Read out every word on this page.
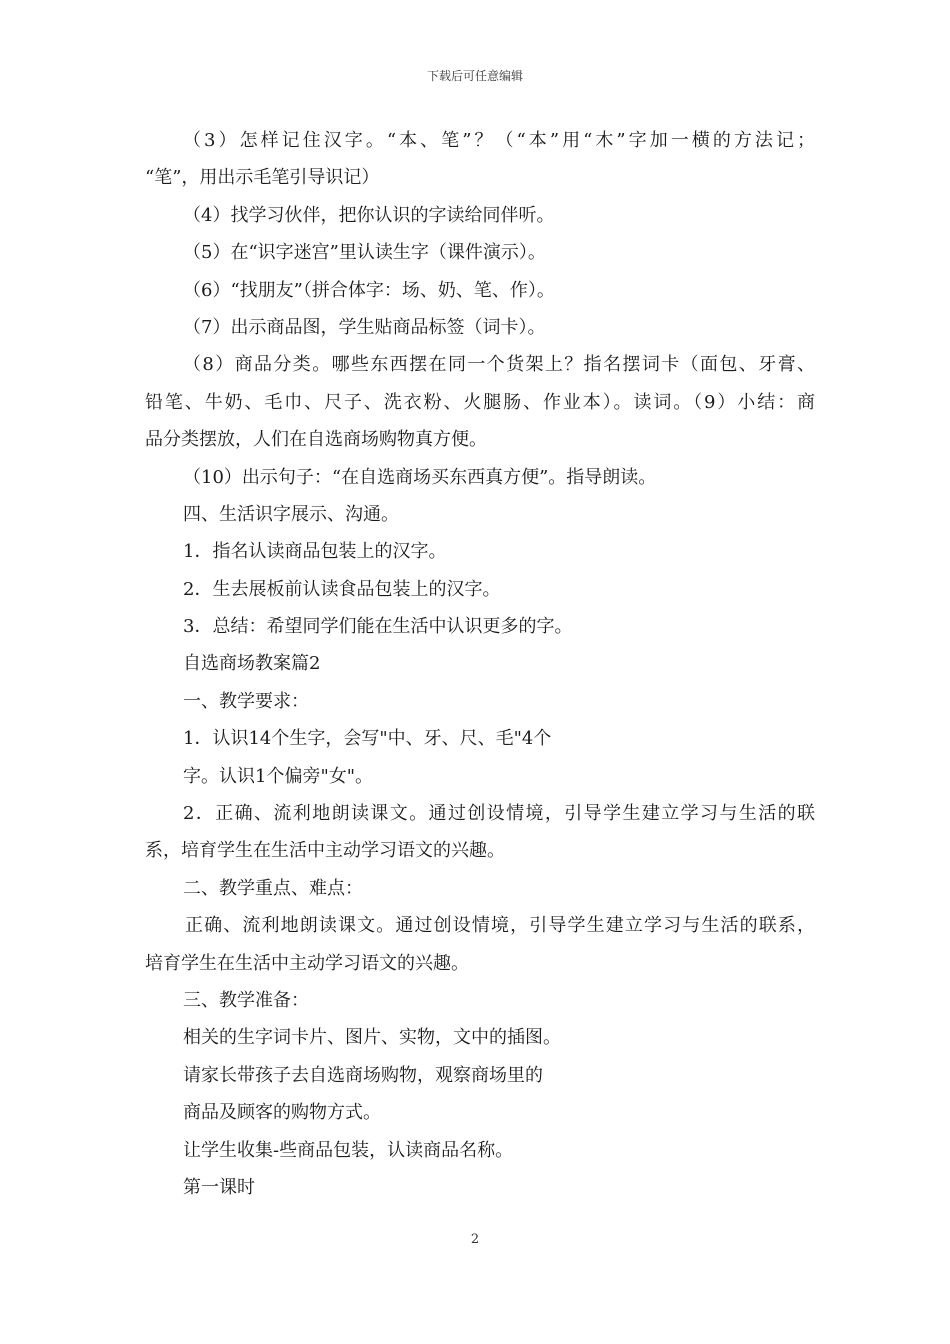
下载后可任意编辑
（3）怎样记住汉字。“本、笔”？（“本”用“木”字加一横的方法记；
“笔”，用出示毛笔引导识记）
（4）找学习伙伴，把你认识的字读给同伴听。
（5）在“识字迷宫”里认读生字（课件演示）。
（6）“找朋友”（拼合体字：场、奶、笔、作）。
（7）出示商品图，学生贴商品标签（词卡）。
（8）商品分类。哪些东西摆在同一个货架上？指名摆词卡（面包、牙膏、
铅笔、牛奶、毛巾、尺子、洗衣粉、火腿肠、作业本）。读词。（9）小结：商
品分类摆放，人们在自选商场购物真方便。
（10）出示句子：“在自选商场买东西真方便”。指导朗读。
四、生活识字展示、沟通。
1．指名认读商品包装上的汉字。
2．生去展板前认读食品包装上的汉字。
3．总结：希望同学们能在生活中认识更多的字。
自选商场教案篇2
一、教学要求：
1．认识14个生字，会写"中、牙、尺、毛"4个
字。认识1个偏旁"女"。
2．正确、流利地朗读课文。通过创设情境，引导学生建立学习与生活的联
系，培育学生在生活中主动学习语文的兴趣。
二、教学重点、难点：
正确、流利地朗读课文。通过创设情境，引导学生建立学习与生活的联系，
培育学生在生活中主动学习语文的兴趣。
三、教学准备：
相关的生字词卡片、图片、实物，文中的插图。
请家长带孩子去自选商场购物，观察商场里的
商品及顾客的购物方式。
让学生收集-些商品包装，认读商品名称。
第一课时
2
